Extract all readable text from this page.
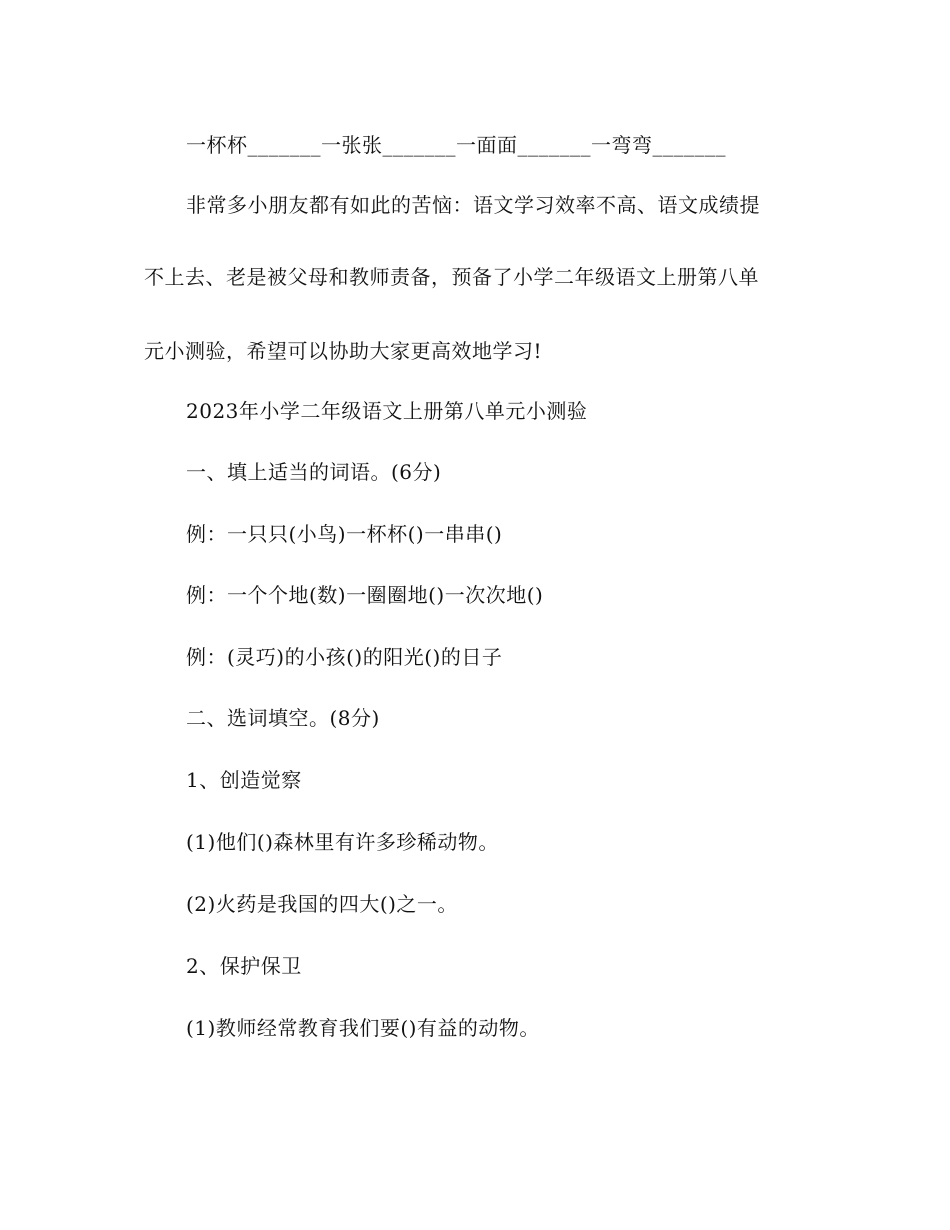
一杯杯_______一张张_______一面面_______一弯弯_______
非常多小朋友都有如此的苦恼：语文学习效率不高、语文成绩提
不上去、老是被父母和教师责备，预备了小学二年级语文上册第八单
元小测验，希望可以协助大家更高效地学习!
2023年小学二年级语文上册第八单元小测验
一、填上适当的词语。(6分)
例：一只只(小鸟)一杯杯()一串串()
例：一个个地(数)一圈圈地()一次次地()
例：(灵巧)的小孩()的阳光()的日子
二、选词填空。(8分)
1、创造觉察
(1)他们()森林里有许多珍稀动物。
(2)火药是我国的四大()之一。
2、保护保卫
(1)教师经常教育我们要()有益的动物。
